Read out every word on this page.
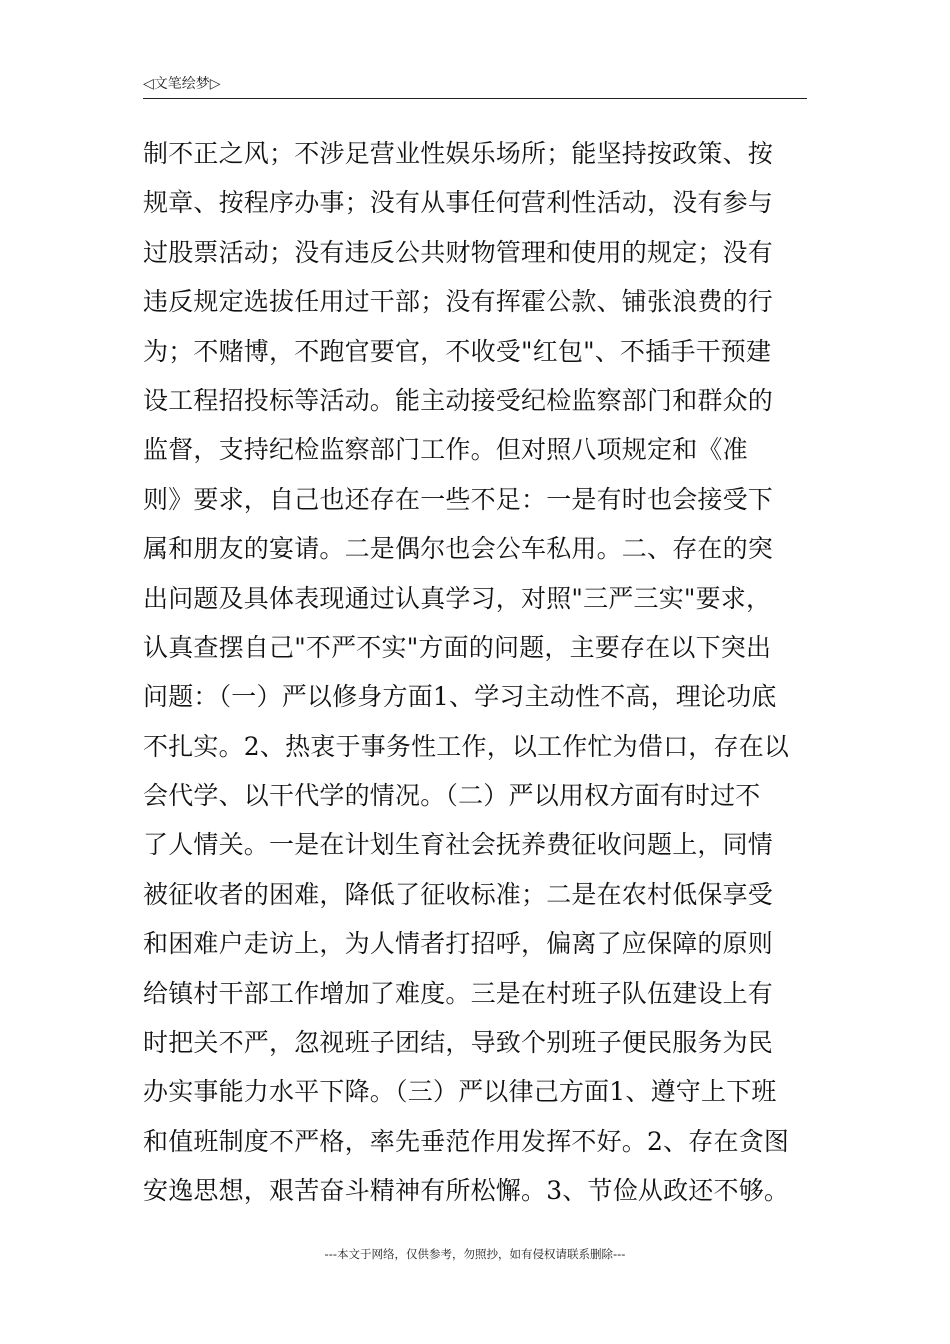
◁文笔绘梦▷
制不正之风；不涉足营业性娱乐场所；能坚持按政策、按
规章、按程序办事；没有从事任何营利性活动，没有参与
过股票活动；没有违反公共财物管理和使用的规定；没有
违反规定选拔任用过干部；没有挥霍公款、铺张浪费的行
为；不赌博，不跑官要官，不收受"红包"、不插手干预建
设工程招投标等活动。能主动接受纪检监察部门和群众的
监督，支持纪检监察部门工作。但对照八项规定和《准
则》要求，自己也还存在一些不足：一是有时也会接受下
属和朋友的宴请。二是偶尔也会公车私用。二、存在的突
出问题及具体表现通过认真学习，对照"三严三实"要求，
认真查摆自己"不严不实"方面的问题，主要存在以下突出
问题：（一）严以修身方面1、学习主动性不高，理论功底
不扎实。2、热衷于事务性工作，以工作忙为借口，存在以
会代学、以干代学的情况。（二）严以用权方面有时过不
了人情关。一是在计划生育社会抚养费征收问题上，同情
被征收者的困难，降低了征收标准；二是在农村低保享受
和困难户走访上，为人情者打招呼，偏离了应保障的原则
给镇村干部工作增加了难度。三是在村班子队伍建设上有
时把关不严，忽视班子团结，导致个别班子便民服务为民
办实事能力水平下降。（三）严以律己方面1、遵守上下班
和值班制度不严格，率先垂范作用发挥不好。2、存在贪图
安逸思想，艰苦奋斗精神有所松懈。3、节俭从政还不够。
---本文于网络，仅供参考，勿照抄，如有侵权请联系删除---
